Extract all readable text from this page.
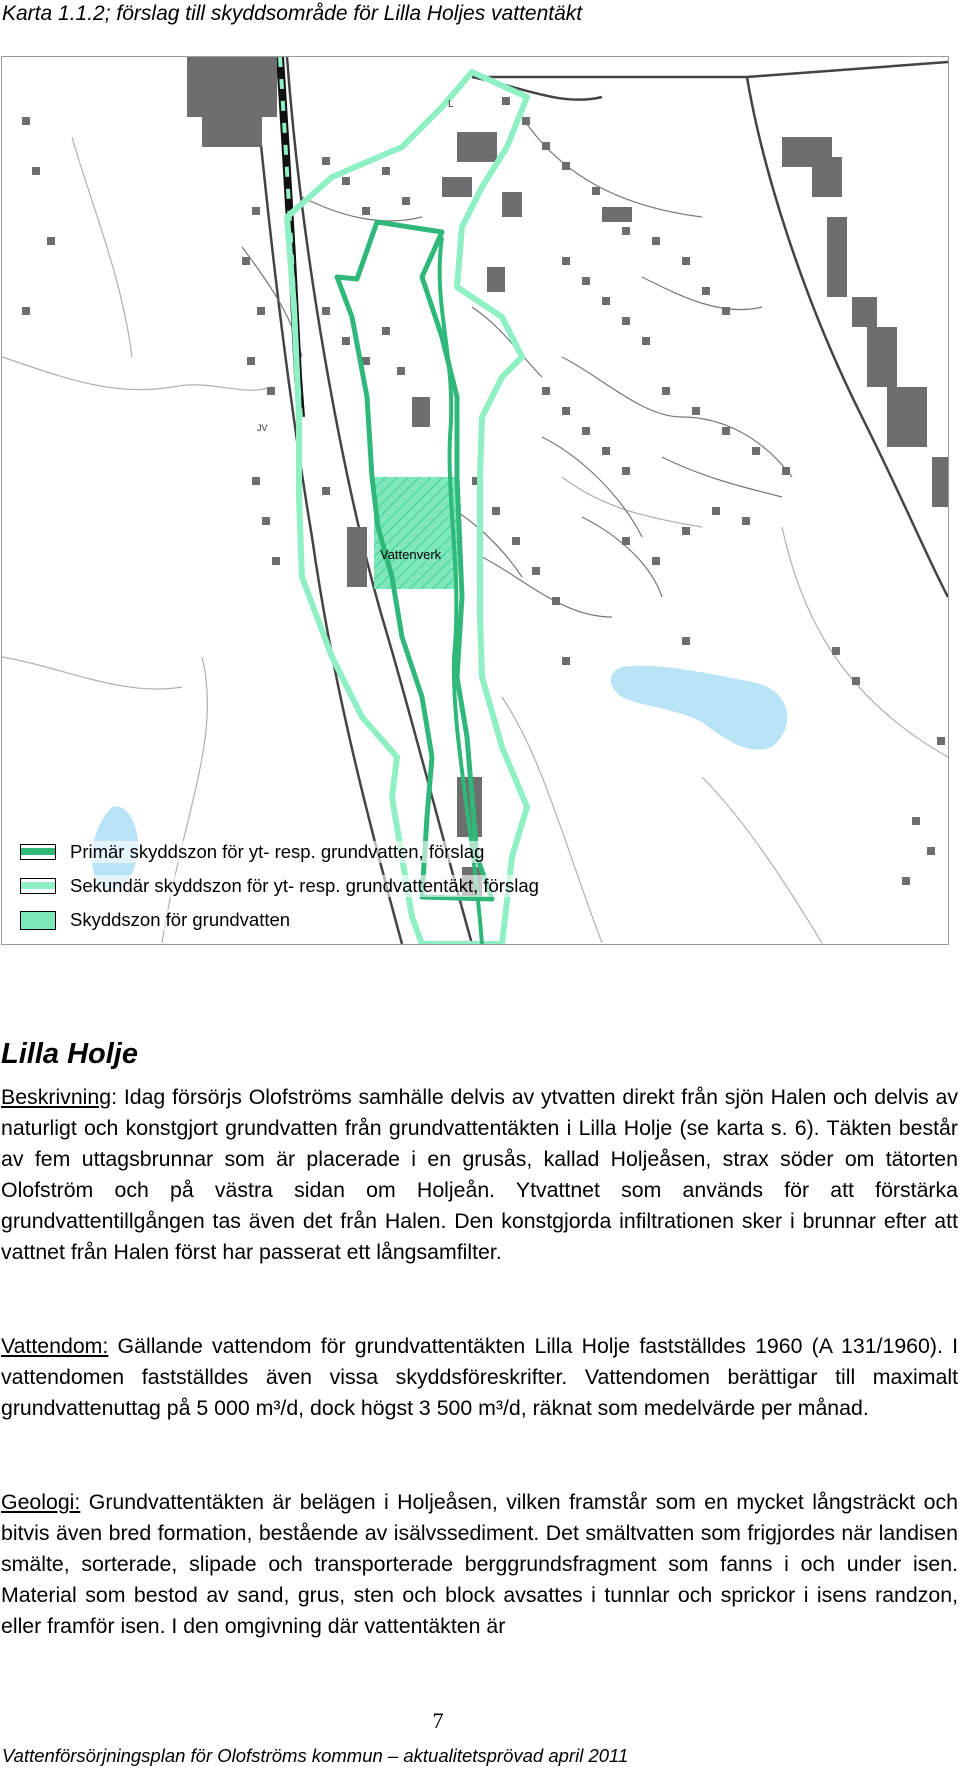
Karta 1.1.2; förslag till skyddsområde för Lilla Holjes vattentäkt
Vattenverk
JV
L
Primär skyddszon för yt- resp. grundvatten, förslag
Sekundär skyddszon för yt- resp. grundvattentäkt, förslag
Skyddszon för grundvatten
Lilla Holje
Beskrivning: Idag försörjs Olofströms samhälle delvis av ytvatten direkt från sjön Halen och delvis av naturligt och konstgjort grundvatten från grundvattentäkten i Lilla Holje (se karta s. 6). Täkten består av fem uttagsbrunnar som är placerade i en grusås, kallad Holjeåsen, strax söder om tätorten Olofström och på västra sidan om Holjeån. Ytvattnet som används för att förstärka grundvattentillgången tas även det från Halen. Den konstgjorda infiltrationen sker i brunnar efter att vattnet från Halen först har passerat ett långsamfilter.
Vattendom: Gällande vattendom för grundvattentäkten Lilla Holje fastställdes 1960 (A 131/1960). I vattendomen fastställdes även vissa skyddsföreskrifter. Vattendomen berättigar till maximalt grundvattenuttag på 5 000 m³/d, dock högst 3 500 m³/d, räknat som medelvärde per månad.
Geologi: Grundvattentäkten är belägen i Holjeåsen, vilken framstår som en mycket långsträckt och bitvis även bred formation, bestående av isälvssediment. Det smältvatten som frigjordes när landisen smälte, sorterade, slipade och transporterade berggrundsfragment som fanns i och under isen. Material som bestod av sand, grus, sten och block avsattes i tunnlar och sprickor i isens randzon, eller framför isen. I den omgivning där vattentäkten är
7
Vattenförsörjningsplan för Olofströms kommun – aktualitetsprövad april 2011
